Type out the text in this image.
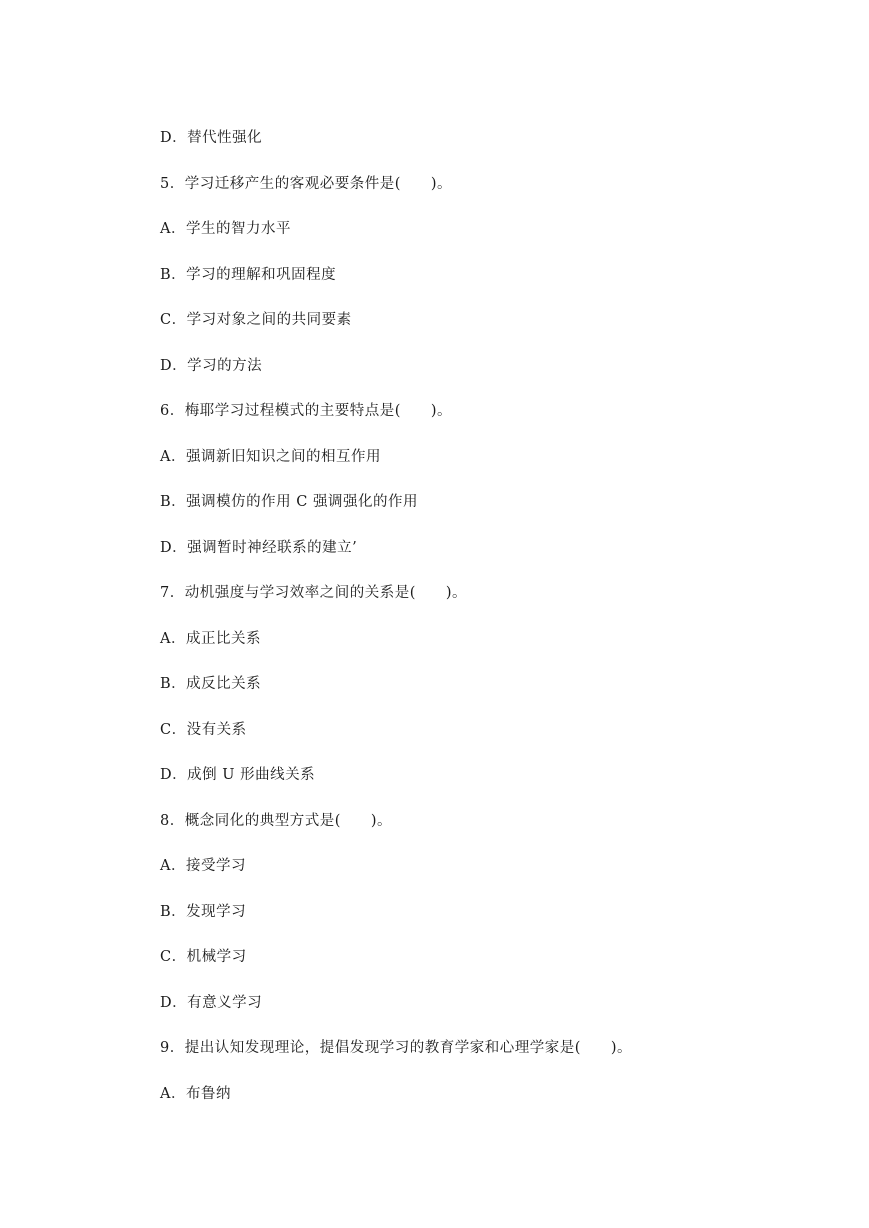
D．替代性强化
5．学习迁移产生的客观必要条件是(　　)。
A．学生的智力水平
B．学习的理解和巩固程度
C．学习对象之间的共同要素
D．学习的方法
6．梅耶学习过程模式的主要特点是(　　)。
A．强调新旧知识之间的相互作用
B．强调模仿的作用 C 强调强化的作用
D．强调暂时神经联系的建立’
7．动机强度与学习效率之间的关系是(　　)。
A．成正比关系
B．成反比关系
C．没有关系
D．成倒 U 形曲线关系
8．概念同化的典型方式是(　　)。
A．接受学习
B．发现学习
C．机械学习
D．有意义学习
9．提出认知发现理论，提倡发现学习的教育学家和心理学家是(　　)。
A．布鲁纳
